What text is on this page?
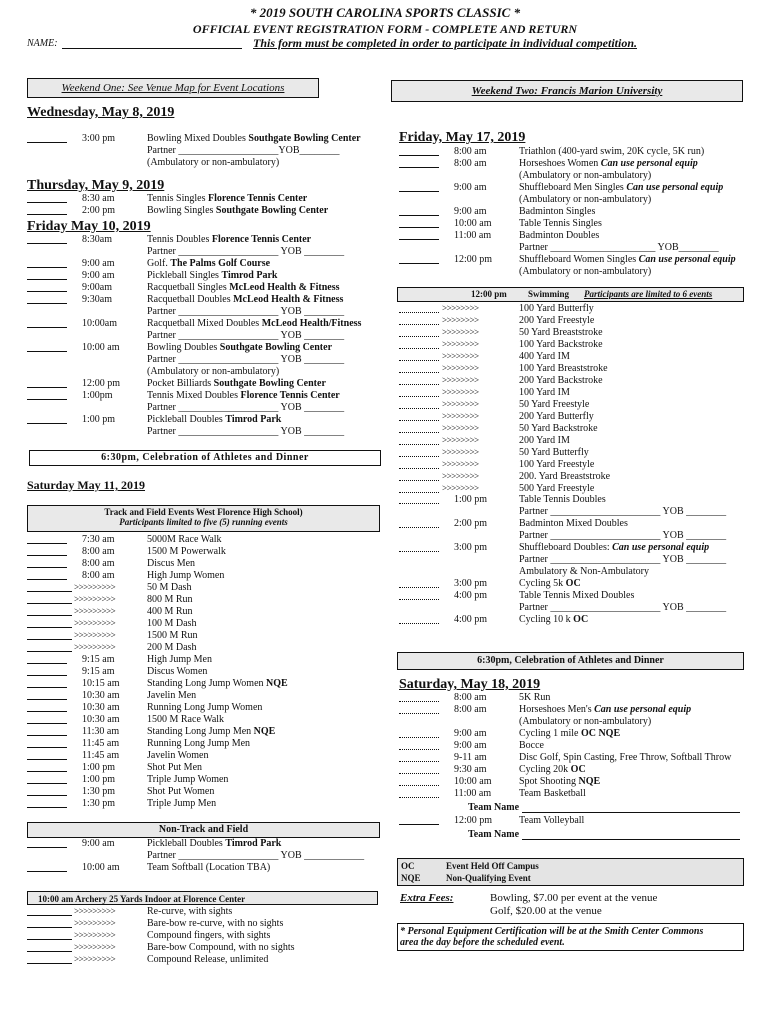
* 2019 SOUTH CAROLINA SPORTS CLASSIC *
OFFICIAL EVENT REGISTRATION FORM - COMPLETE AND RETURN
NAME:	This form must be completed in order to participate in individual competition.
Weekend One: See Venue Map for Event Locations	Weekend Two: Francis Marion University
Wednesday, May 8, 2019
3:00 pm	Bowling Mixed Doubles Southgate Bowling Center
Partner ____________________YOB________
(Ambulatory or non-ambulatory)
Thursday, May 9, 2019
8:30 am	Tennis Singles Florence Tennis Center
2:00 pm	Bowling Singles Southgate Bowling Center
Friday May 10, 2019
8:30am	Tennis Doubles Florence Tennis Center
Partner ____________________ YOB ________
9:00 am	Golf. The Palms Golf Course
9:00 am	Pickleball Singles Timrod Park
9:00am	Racquetball Singles McLeod Health & Fitness
9:30am	Racquetball Doubles McLeod Health & Fitness
Partner ____________________ YOB ________
10:00am	Racquetball Mixed Doubles McLeod Health/Fitness
Partner ____________________ YOB ________
10:00 am	Bowling Doubles Southgate Bowling Center
Partner ____________________ YOB ________
(Ambulatory or non-ambulatory)
12:00 pm	Pocket Billiards Southgate Bowling Center
1:00pm	Tennis Mixed Doubles Florence Tennis Center
Partner ____________________ YOB ________
1:00 pm	Pickleball Doubles Timrod Park
Partner ____________________ YOB ________
6:30pm, Celebration of Athletes and Dinner
Saturday May 11, 2019
Track and Field Events West Florence High School)
Participants limited to five (5) running events
7:30 am	5000M Race Walk
8:00 am	1500 M Powerwalk
8:00 am	Discus Men
8:00 am	High Jump Women
>>>>>>>>>	50 M Dash
>>>>>>>>>	800 M Run
>>>>>>>>>	400 M Run
>>>>>>>>>	100 M Dash
>>>>>>>>>	1500 M Run
>>>>>>>>>	200 M Dash
9:15 am	High Jump Men
9:15 am	Discus Women
10:15 am	Standing Long Jump Women NQE
10:30 am	Javelin Men
10:30 am	Running Long Jump Women
10:30 am	1500 M Race Walk
11:30 am	Standing Long Jump Men NQE
11:45 am	Running Long Jump Men
11:45 am	Javelin Women
1:00 pm	Shot Put Men
1:00 pm	Triple Jump Women
1:30 pm	Shot Put Women
1:30 pm	Triple Jump Men
Non-Track and Field
9:00 am	Pickleball Doubles Timrod Park
Partner ____________________ YOB ____________
10:00 am	Team Softball (Location TBA)
10:00 am Archery 25 Yards Indoor at Florence Center
>>>>>>>>>	Re-curve, with sights
>>>>>>>>>	Bare-bow re-curve, with no sights
>>>>>>>>>	Compound fingers, with sights
>>>>>>>>>	Bare-bow Compound, with no sights
>>>>>>>>>	Compound Release, unlimited
Friday, May 17, 2019
8:00 am	Triathlon (400-yard swim, 20K cycle, 5K run)
8:00 am	Horseshoes Women Can use personal equip
(Ambulatory or non-ambulatory)
9:00 am	Shuffleboard Men Singles Can use personal equip
(Ambulatory or non-ambulatory)
9:00 am	Badminton Singles
10:00 am	Table Tennis Singles
11:00 am	Badminton Doubles
Partner _____________________ YOB________
12:00 pm	Shuffleboard Women Singles Can use personal equip
(Ambulatory or non-ambulatory)
12:00 pm Swimming Participants are limited to 6 events
>>>>>>>>	100 Yard Butterfly
>>>>>>>>	200 Yard Freestyle
>>>>>>>>	50 Yard Breaststroke
>>>>>>>>	100 Yard Backstroke
>>>>>>>>	400 Yard IM
>>>>>>>>	100 Yard Breaststroke
>>>>>>>>	200 Yard Backstroke
>>>>>>>>	100 Yard IM
>>>>>>>>	50 Yard Freestyle
>>>>>>>>	200 Yard Butterfly
>>>>>>>>	50 Yard Backstroke
>>>>>>>>	200 Yard IM
>>>>>>>>	50 Yard Butterfly
>>>>>>>>	100 Yard Freestyle
>>>>>>>>	200. Yard Breaststroke
>>>>>>>>	500 Yard Freestyle
1:00 pm	Table Tennis Doubles
Partner ______________________ YOB ________
2:00 pm	Badminton Mixed Doubles
Partner ______________________ YOB ________
3:00 pm	Shuffleboard Doubles: Can use personal equip
Partner ______________________ YOB ________
Ambulatory & Non-Ambulatory
3:00 pm	Cycling 5k OC
4:00 pm	Table Tennis Mixed Doubles
Partner ______________________ YOB ________
4:00 pm	Cycling 10 k OC
6:30pm, Celebration of Athletes and Dinner
Saturday, May 18, 2019
8:00 am	5K Run
8:00 am	Horseshoes Men's Can use personal equip
(Ambulatory or non-ambulatory)
9:00 am	Cycling 1 mile OC NQE
9:00 am	Bocce
9-11 am	Disc Golf, Spin Casting, Free Throw, Softball Throw
9:30 am	Cycling 20k OC
10:00 am	Spot Shooting NQE
11:00 am	Team Basketball
Team Name
12:00 pm	Team Volleyball
Team Name
OC	Event Held Off Campus
NQE	Non-Qualifying Event
Extra Fees:	Bowling, $7.00 per event at the venue
Golf, $20.00 at the venue
* Personal Equipment Certification will be at the Smith Center Commons
area the day before the scheduled event.
